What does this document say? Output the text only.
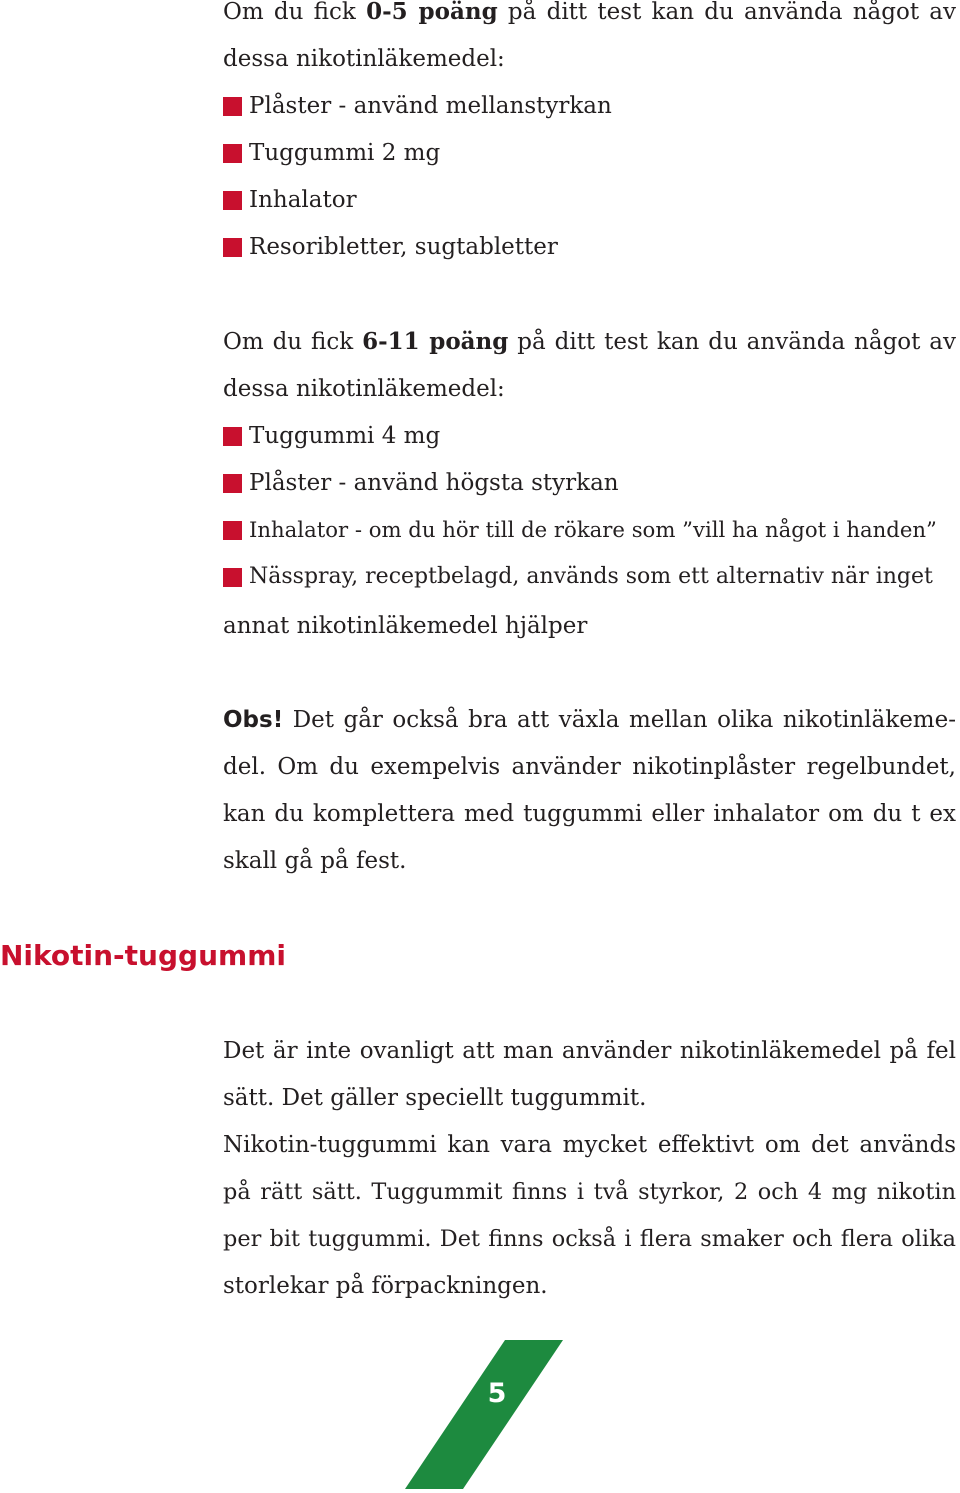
Om du fick 0-5 poäng på ditt test kan du använda något av
dessa nikotinläkemedel:
Plåster - använd mellanstyrkan
Tuggummi 2 mg
Inhalator
Resoribletter, sugtabletter
Om du fick 6-11 poäng på ditt test kan du använda något av
dessa nikotinläkemedel:
Tuggummi 4 mg
Plåster - använd högsta styrkan
Inhalator - om du hör till de rökare som ”vill ha något i handen”
Nässpray, receptbelagd, används som ett alternativ när inget
annat nikotinläkemedel hjälper
Obs! Det går också bra att växla mellan olika nikotinläkeme-
del. Om du exempelvis använder nikotinplåster regelbundet,
kan du komplettera med tuggummi eller inhalator om du t ex
skall gå på fest.
Nikotin-tuggummi
Det är inte ovanligt att man använder nikotinläkemedel på fel
sätt. Det gäller speciellt tuggummit.
Nikotin-tuggummi kan vara mycket effektivt om det används
på rätt sätt. Tuggummit finns i två styrkor, 2 och 4 mg nikotin
per bit tuggummi. Det finns också i flera smaker och flera olika
storlekar på förpackningen.
5
